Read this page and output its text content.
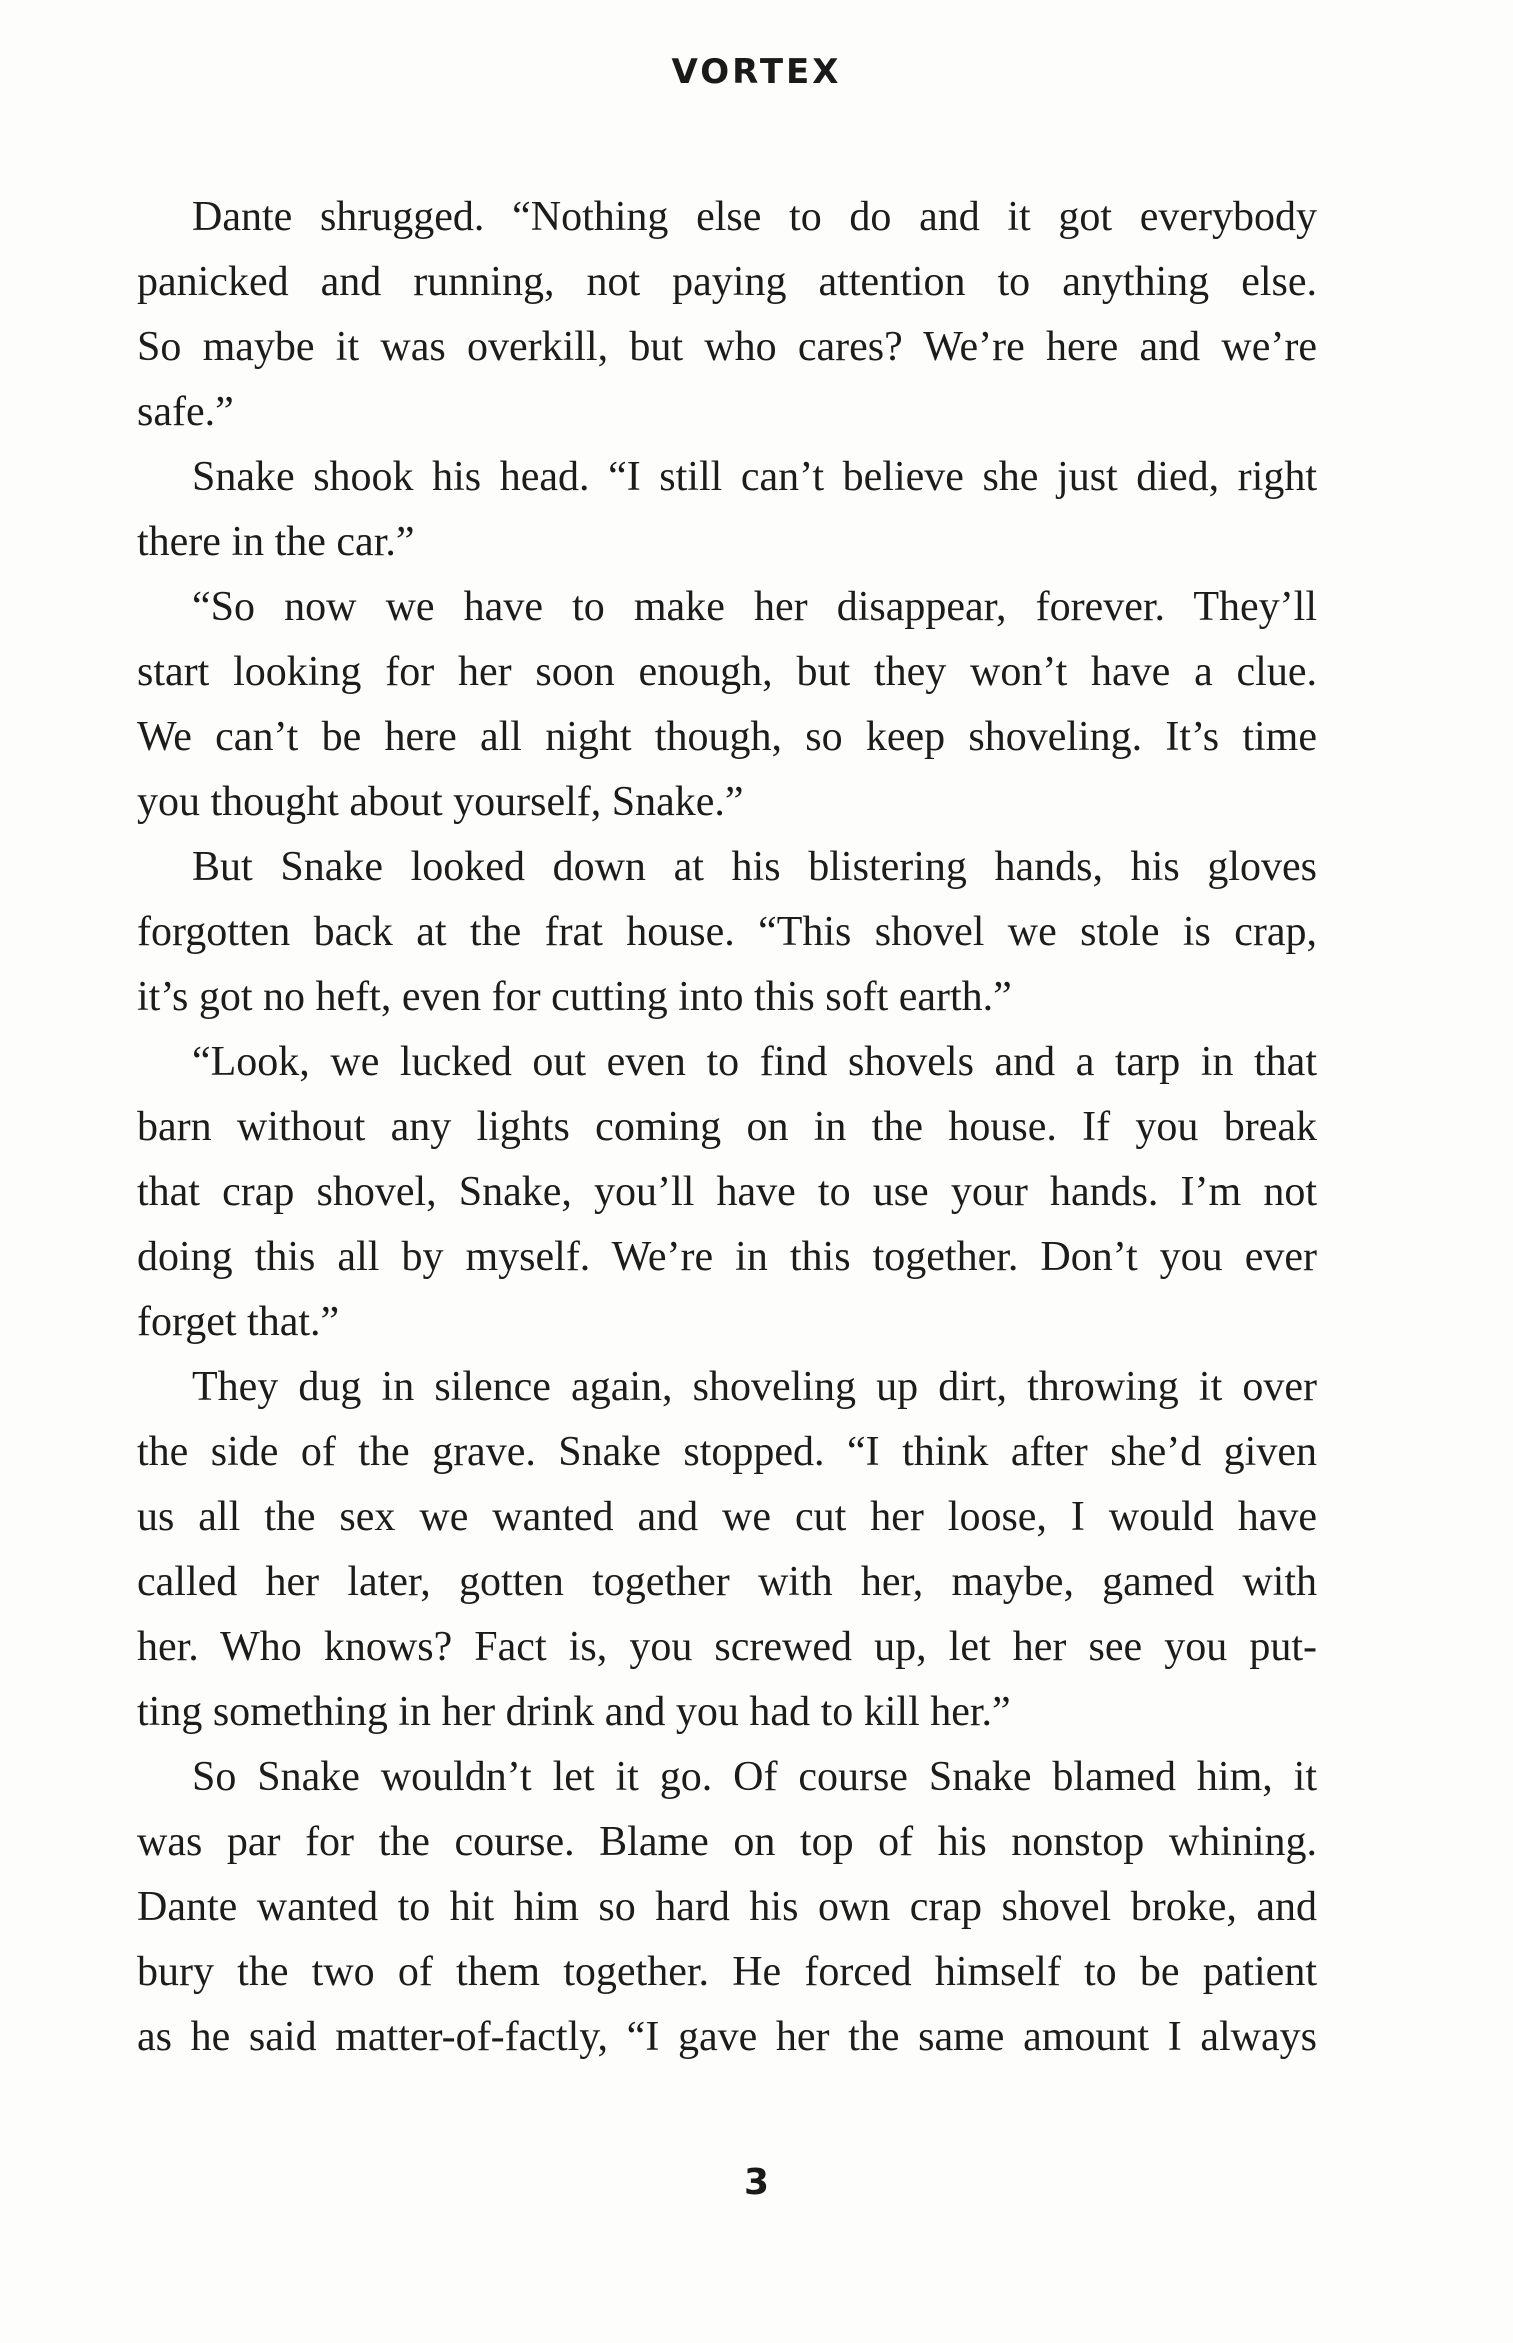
VORTEX
Dante shrugged. “Nothing else to do and it got everybody
panicked and running, not paying attention to anything else.
So maybe it was overkill, but who cares? We’re here and we’re
safe.”
Snake shook his head. “I still can’t believe she just died, right
there in the car.”
“So now we have to make her disappear, forever. They’ll
start looking for her soon enough, but they won’t have a clue.
We can’t be here all night though, so keep shoveling. It’s time
you thought about yourself, Snake.”
But Snake looked down at his blistering hands, his gloves
forgotten back at the frat house. “This shovel we stole is crap,
it’s got no heft, even for cutting into this soft earth.”
“Look, we lucked out even to find shovels and a tarp in that
barn without any lights coming on in the house. If you break
that crap shovel, Snake, you’ll have to use your hands. I’m not
doing this all by myself. We’re in this together. Don’t you ever
forget that.”
They dug in silence again, shoveling up dirt, throwing it over
the side of the grave. Snake stopped. “I think after she’d given
us all the sex we wanted and we cut her loose, I would have
called her later, gotten together with her, maybe, gamed with
her. Who knows? Fact is, you screwed up, let her see you put-
ting something in her drink and you had to kill her.”
So Snake wouldn’t let it go. Of course Snake blamed him, it
was par for the course. Blame on top of his nonstop whining.
Dante wanted to hit him so hard his own crap shovel broke, and
bury the two of them together. He forced himself to be patient
as he said matter-of-factly, “I gave her the same amount I always
3
